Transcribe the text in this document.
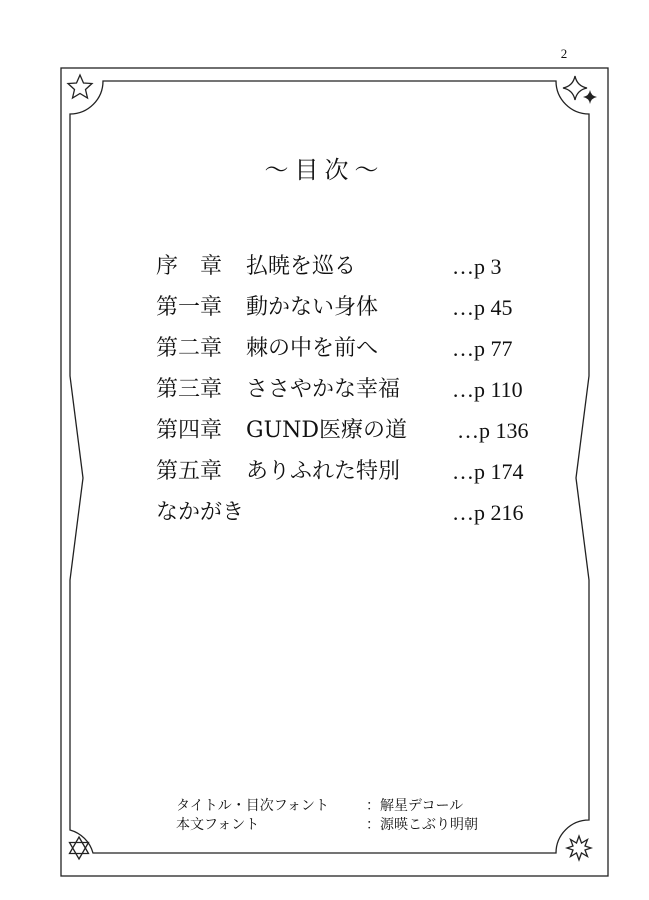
2
～目次～
序　章 払暁を巡る	…p 3
第一章 動かない身体	…p 45
第二章 棘の中を前へ	…p 77
第三章 ささやかな幸福 …p 110
第四章 GUND医療の道 …p 136
第五章 ありふれた特別 …p 174
なかがき	…p 216
タイトル・目次フォント	：解星デコール
本文フォント	：源暎こぶり明朝
